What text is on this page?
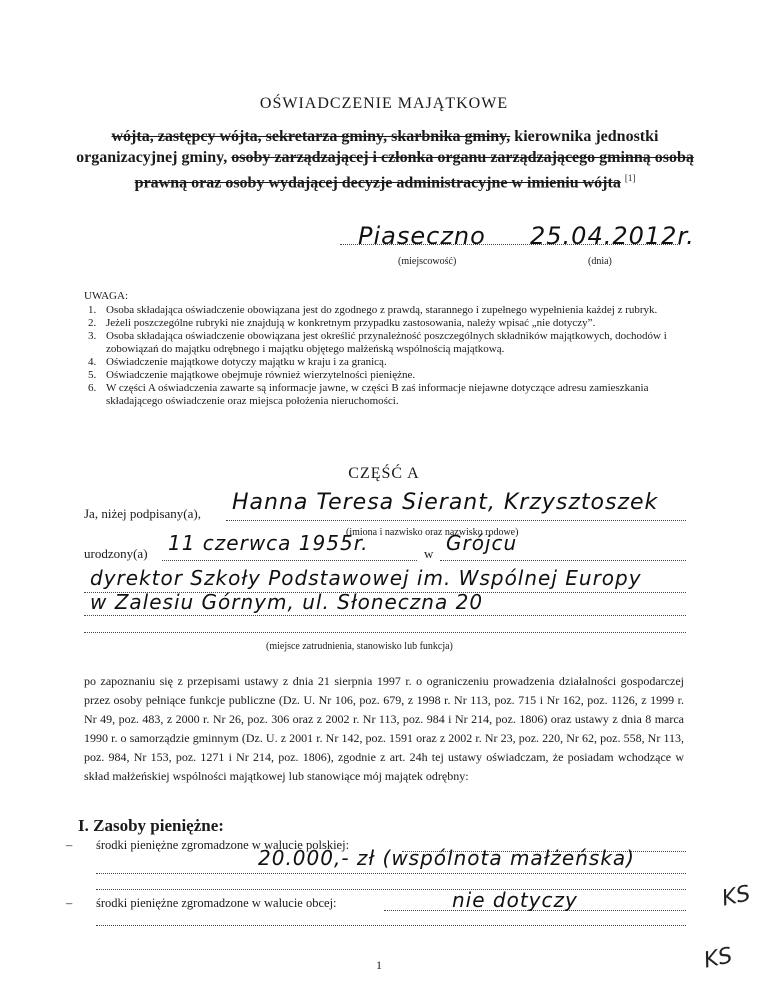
OŚWIADCZENIE MAJĄTKOWE
wójta, zastępcy wójta, sekretarza gminy, skarbnika gminy, kierownika jednostki organizacyjnej gminy, osoby zarządzającej i członka organu zarządzającego gminną osobą prawną oraz osoby wydającej decyzje administracyjne w imieniu wójta [1]
Piaseczno 25.04.2012r.
(miejscowość)	(dnia)
UWAGA:
1. Osoba składająca oświadczenie obowiązana jest do zgodnego z prawdą, starannego i zupełnego wypełnienia każdej z rubryk.
2. Jeżeli poszczególne rubryki nie znajdują w konkretnym przypadku zastosowania, należy wpisać „nie dotyczy”.
3. Osoba składająca oświadczenie obowiązana jest określić przynależność poszczególnych składników majątkowych, dochodów i zobowiązań do majątku odrębnego i majątku objętego małżeńską wspólnością majątkową.
4. Oświadczenie majątkowe dotyczy majątku w kraju i za granicą.
5. Oświadczenie majątkowe obejmuje również wierzytelności pieniężne.
6. W części A oświadczenia zawarte są informacje jawne, w części B zaś informacje niejawne dotyczące adresu zamieszkania składającego oświadczenie oraz miejsca położenia nieruchomości.
CZĘŚĆ A
Ja, niżej podpisany(a), Hanna Teresa Sierant, Krzysztoszek
(imiona i nazwisko oraz nazwisko rodowe)
urodzony(a) 11 czerwca 1955r.	w Grójcu
dyrektor Szkoły Podstawowej im. Wspólnej Europy
w Zalesiu Górnym, ul. Słoneczna 20
(miejsce zatrudnienia, stanowisko lub funkcja)
po zapoznaniu się z przepisami ustawy z dnia 21 sierpnia 1997 r. o ograniczeniu prowadzenia działalności gospodarczej przez osoby pełniące funkcje publiczne (Dz. U. Nr 106, poz. 679, z 1998 r. Nr 113, poz. 715 i Nr 162, poz. 1126, z 1999 r. Nr 49, poz. 483, z 2000 r. Nr 26, poz. 306 oraz z 2002 r. Nr 113, poz. 984 i Nr 214, poz. 1806) oraz ustawy z dnia 8 marca 1990 r. o samorządzie gminnym (Dz. U. z 2001 r. Nr 142, poz. 1591 oraz z 2002 r. Nr 23, poz. 220, Nr 62, poz. 558, Nr 113, poz. 984, Nr 153, poz. 1271 i Nr 214, poz. 1806), zgodnie z art. 24h tej ustawy oświadczam, że posiadam wchodzące w skład małżeńskiej wspólności majątkowej lub stanowiące mój majątek odrębny:
I. Zasoby pieniężne:
– środki pieniężne zgromadzone w walucie polskiej:
20.000,- zł (wspólnota małżeńska)
– środki pieniężne zgromadzone w walucie obcej:	nie dotyczy
1
KS
KS
